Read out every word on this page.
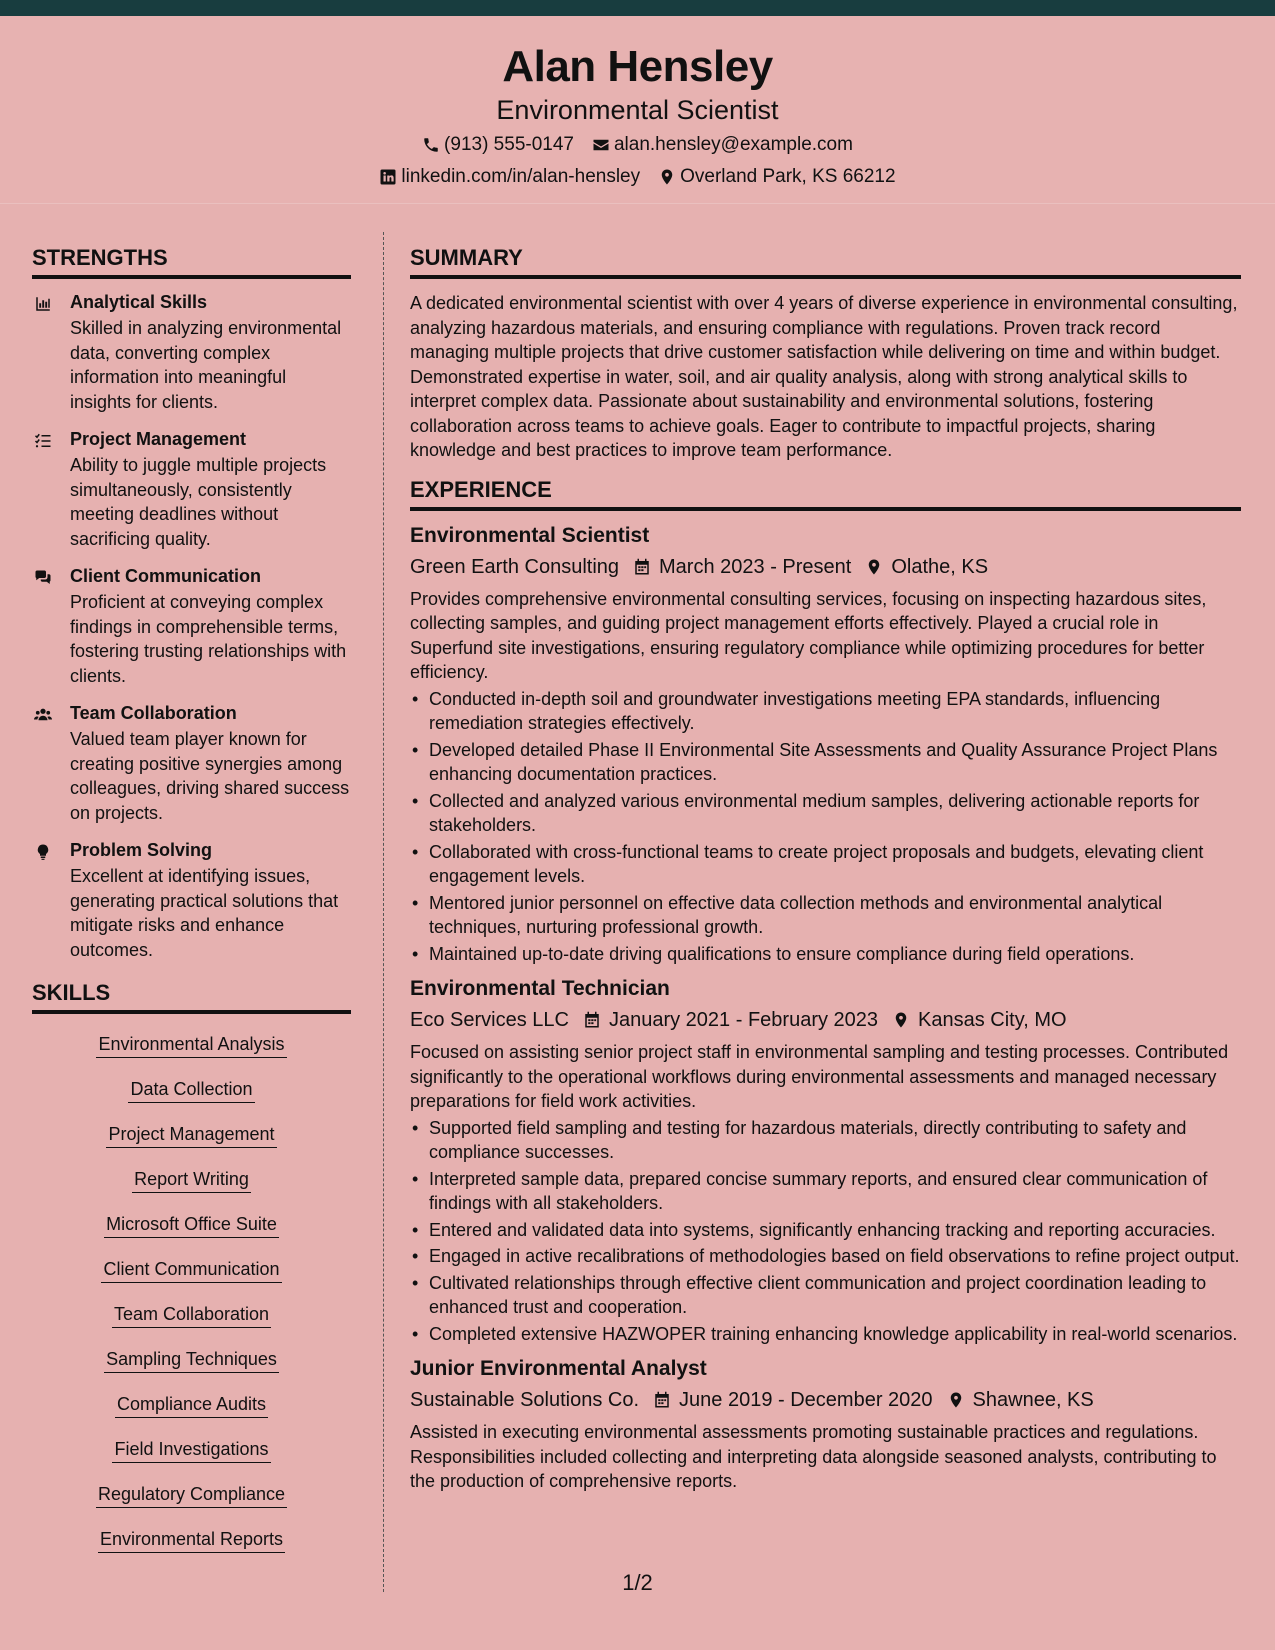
Alan Hensley
Environmental Scientist
(913) 555-0147 alan.hensley@example.com
linkedin.com/in/alan-hensley Overland Park, KS 66212
STRENGTHS
Analytical Skills
Skilled in analyzing environmental data, converting complex information into meaningful insights for clients.
Project Management
Ability to juggle multiple projects simultaneously, consistently meeting deadlines without sacrificing quality.
Client Communication
Proficient at conveying complex findings in comprehensible terms, fostering trusting relationships with clients.
Team Collaboration
Valued team player known for creating positive synergies among colleagues, driving shared success on projects.
Problem Solving
Excellent at identifying issues, generating practical solutions that mitigate risks and enhance outcomes.
SKILLS
Environmental Analysis
Data Collection
Project Management
Report Writing
Microsoft Office Suite
Client Communication
Team Collaboration
Sampling Techniques
Compliance Audits
Field Investigations
Regulatory Compliance
Environmental Reports
SUMMARY
A dedicated environmental scientist with over 4 years of diverse experience in environmental consulting, analyzing hazardous materials, and ensuring compliance with regulations. Proven track record managing multiple projects that drive customer satisfaction while delivering on time and within budget. Demonstrated expertise in water, soil, and air quality analysis, along with strong analytical skills to interpret complex data. Passionate about sustainability and environmental solutions, fostering collaboration across teams to achieve goals. Eager to contribute to impactful projects, sharing knowledge and best practices to improve team performance.
EXPERIENCE
Environmental Scientist
Green Earth Consulting March 2023 - Present Olathe, KS
Provides comprehensive environmental consulting services, focusing on inspecting hazardous sites, collecting samples, and guiding project management efforts effectively. Played a crucial role in Superfund site investigations, ensuring regulatory compliance while optimizing procedures for better efficiency.
• Conducted in-depth soil and groundwater investigations meeting EPA standards, influencing remediation strategies effectively.
• Developed detailed Phase II Environmental Site Assessments and Quality Assurance Project Plans enhancing documentation practices.
• Collected and analyzed various environmental medium samples, delivering actionable reports for stakeholders.
• Collaborated with cross-functional teams to create project proposals and budgets, elevating client engagement levels.
• Mentored junior personnel on effective data collection methods and environmental analytical techniques, nurturing professional growth.
• Maintained up-to-date driving qualifications to ensure compliance during field operations.
Environmental Technician
Eco Services LLC January 2021 - February 2023 Kansas City, MO
Focused on assisting senior project staff in environmental sampling and testing processes. Contributed significantly to the operational workflows during environmental assessments and managed necessary preparations for field work activities.
• Supported field sampling and testing for hazardous materials, directly contributing to safety and compliance successes.
• Interpreted sample data, prepared concise summary reports, and ensured clear communication of findings with all stakeholders.
• Entered and validated data into systems, significantly enhancing tracking and reporting accuracies.
• Engaged in active recalibrations of methodologies based on field observations to refine project output.
• Cultivated relationships through effective client communication and project coordination leading to enhanced trust and cooperation.
• Completed extensive HAZWOPER training enhancing knowledge applicability in real-world scenarios.
Junior Environmental Analyst
Sustainable Solutions Co. June 2019 - December 2020 Shawnee, KS
Assisted in executing environmental assessments promoting sustainable practices and regulations. Responsibilities included collecting and interpreting data alongside seasoned analysts, contributing to the production of comprehensive reports.
1/2
